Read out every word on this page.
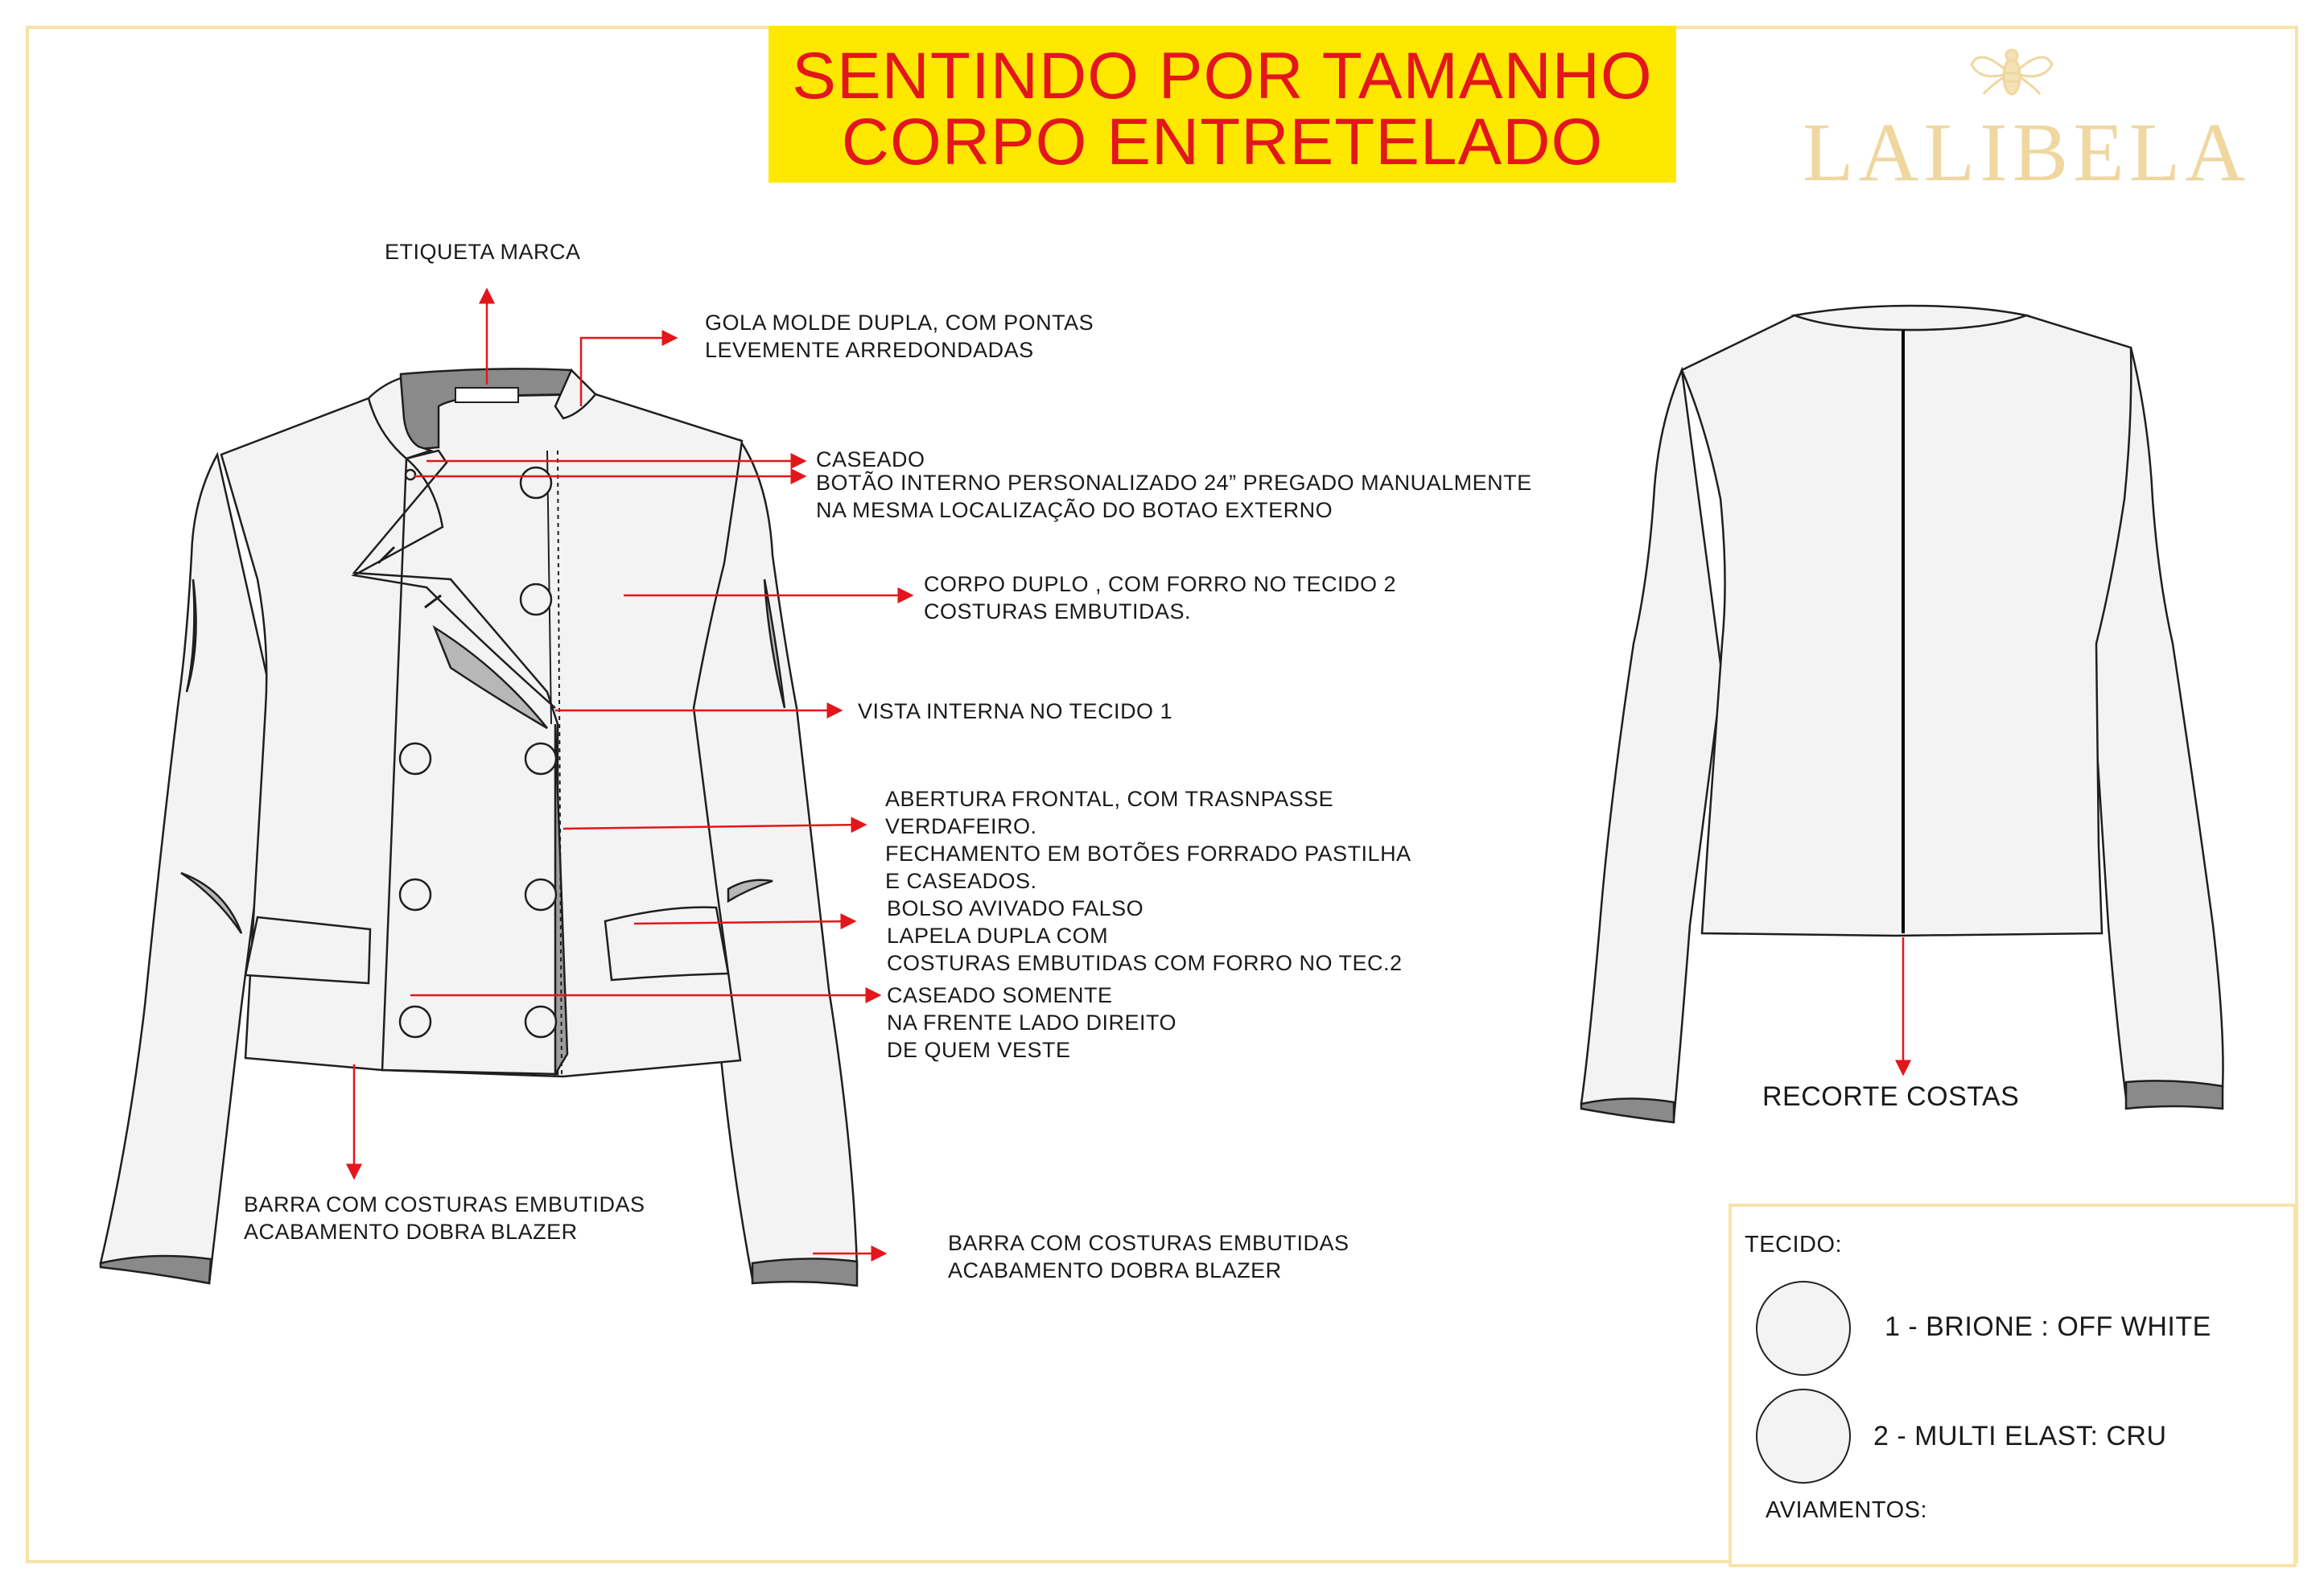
SENTINDO POR TAMANHO
CORPO ENTRETELADO	LALIBELA
ETIQUETA MARCA
GOLA MOLDE DUPLA, COM PONTAS
LEVEMENTE ARREDONDADAS
CASEADO
BOTÃO INTERNO PERSONALIZADO 24” PREGADO MANUALMENTE
NA MESMA LOCALIZAÇÃO DO BOTAO EXTERNO
CORPO DUPLO , COM FORRO NO TECIDO 2
COSTURAS EMBUTIDAS.
VISTA INTERNA NO TECIDO 1
ABERTURA FRONTAL, COM TRASNPASSE
VERDAFEIRO.
FECHAMENTO EM BOTÕES FORRADO PASTILHA
E CASEADOS.
BOLSO AVIVADO FALSO
LAPELA DUPLA COM
COSTURAS EMBUTIDAS COM FORRO NO TEC.2
CASEADO SOMENTE
NA FRENTE LADO DIREITO
DE QUEM VESTE
BARRA COM COSTURAS EMBUTIDAS
ACABAMENTO DOBRA BLAZER	BARRA COM COSTURAS EMBUTIDAS
ACABAMENTO DOBRA BLAZER
RECORTE COSTAS
TECIDO:
1 - BRIONE : OFF WHITE
2 - MULTI ELAST: CRU
AVIAMENTOS:
